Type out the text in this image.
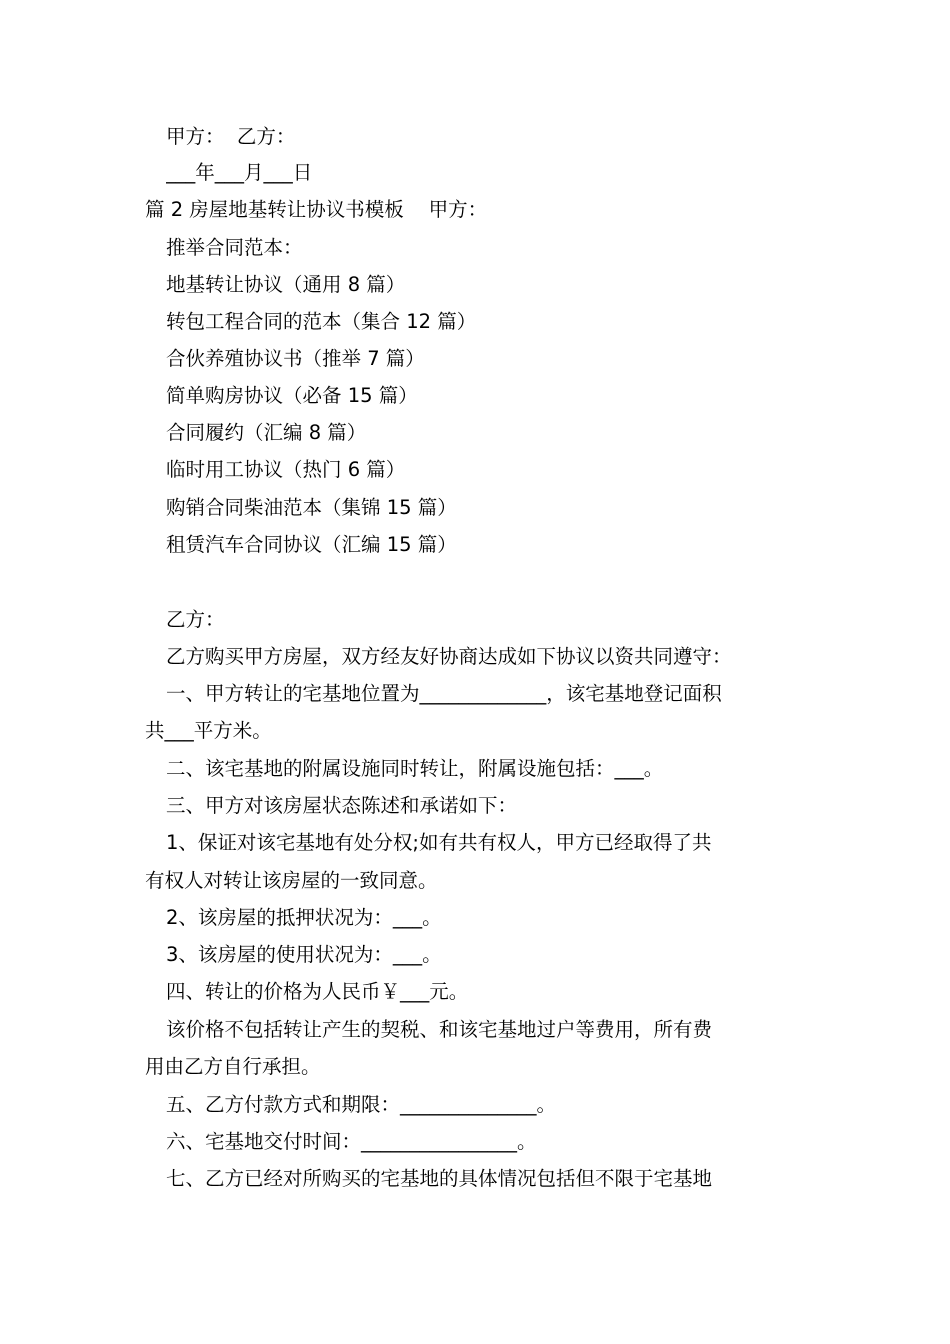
甲方：  乙方：
___年___月___日
篇 2 房屋地基转让协议书模板    甲方：
推举合同范本：
地基转让协议（通用 8 篇）
转包工程合同的范本（集合 12 篇）
合伙养殖协议书（推举 7 篇）
简单购房协议（必备 15 篇）
合同履约（汇编 8 篇）
临时用工协议（热门 6 篇）
购销合同柴油范本（集锦 15 篇）
租赁汽车合同协议（汇编 15 篇）
乙方：
乙方购买甲方房屋，双方经友好协商达成如下协议以资共同遵守：
一、甲方转让的宅基地位置为_____________，该宅基地登记面积
共___平方米。
二、该宅基地的附属设施同时转让，附属设施包括：___。
三、甲方对该房屋状态陈述和承诺如下：
1、保证对该宅基地有处分权;如有共有权人，甲方已经取得了共
有权人对转让该房屋的一致同意。
2、该房屋的抵押状况为：___。
3、该房屋的使用状况为：___。
四、转让的价格为人民币￥___元。
该价格不包括转让产生的契税、和该宅基地过户等费用，所有费
用由乙方自行承担。
五、乙方付款方式和期限：______________。
六、宅基地交付时间：________________。
七、乙方已经对所购买的宅基地的具体情况包括但不限于宅基地
